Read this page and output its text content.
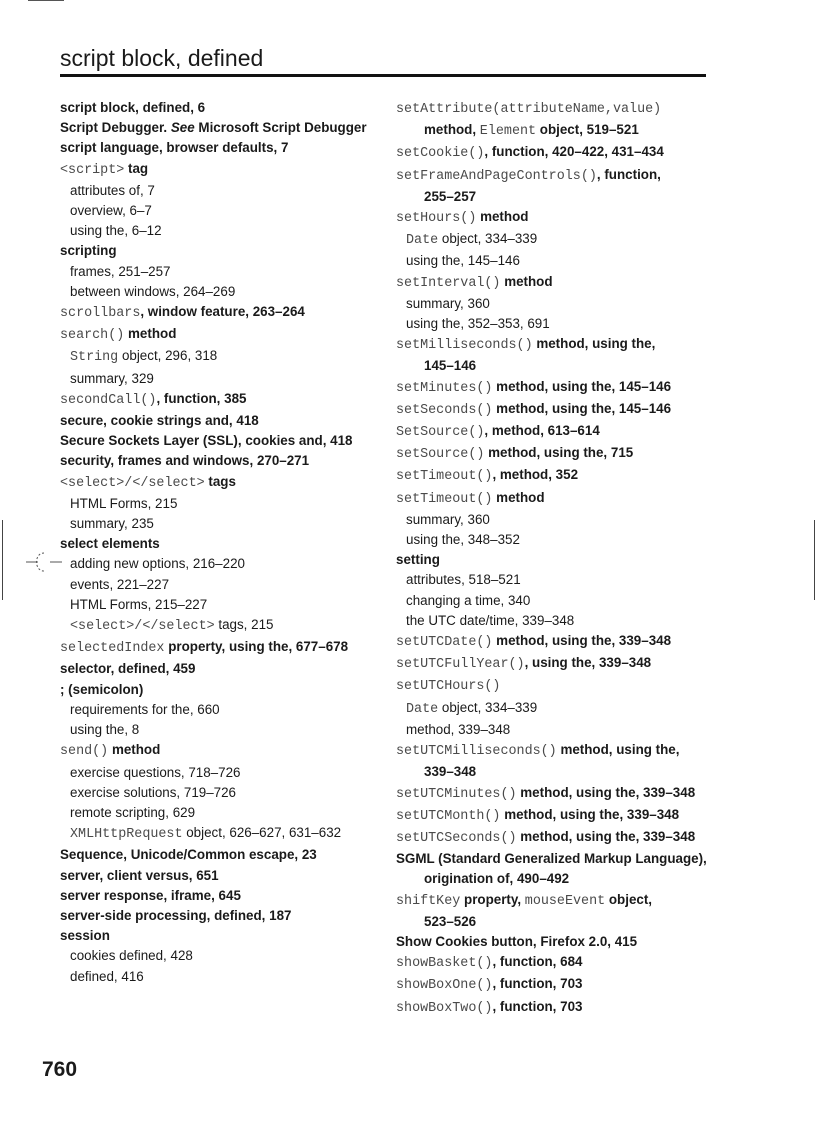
script block, defined
script block, defined, 6
Script Debugger. See Microsoft Script Debugger
script language, browser defaults, 7
<script> tag
attributes of, 7
overview, 6–7
using the, 6–12
scripting
frames, 251–257
between windows, 264–269
scrollbars, window feature, 263–264
search() method
String object, 296, 318
summary, 329
secondCall(), function, 385
secure, cookie strings and, 418
Secure Sockets Layer (SSL), cookies and, 418
security, frames and windows, 270–271
<select>/</select> tags
HTML Forms, 215
summary, 235
select elements
adding new options, 216–220
events, 221–227
HTML Forms, 215–227
<select>/</select> tags, 215
selectedIndex property, using the, 677–678
selector, defined, 459
; (semicolon)
requirements for the, 660
using the, 8
send() method
exercise questions, 718–726
exercise solutions, 719–726
remote scripting, 629
XMLHttpRequest object, 626–627, 631–632
Sequence, Unicode/Common escape, 23
server, client versus, 651
server response, iframe, 645
server-side processing, defined, 187
session
cookies defined, 428
defined, 416
setAttribute(attributeName,value)
method, Element object, 519–521
setCookie(), function, 420–422, 431–434
setFrameAndPageControls(), function,
255–257
setHours() method
Date object, 334–339
using the, 145–146
setInterval() method
summary, 360
using the, 352–353, 691
setMilliseconds() method, using the,
145–146
setMinutes() method, using the, 145–146
setSeconds() method, using the, 145–146
SetSource(), method, 613–614
setSource() method, using the, 715
setTimeout(), method, 352
setTimeout() method
summary, 360
using the, 348–352
setting
attributes, 518–521
changing a time, 340
the UTC date/time, 339–348
setUTCDate() method, using the, 339–348
setUTCFullYear(), using the, 339–348
setUTCHours()
Date object, 334–339
method, 339–348
setUTCMilliseconds() method, using the,
339–348
setUTCMinutes() method, using the, 339–348
setUTCMonth() method, using the, 339–348
setUTCSeconds() method, using the, 339–348
SGML (Standard Generalized Markup Language),
origination of, 490–492
shiftKey property, mouseEvent object,
523–526
Show Cookies button, Firefox 2.0, 415
showBasket(), function, 684
showBoxOne(), function, 703
showBoxTwo(), function, 703
760
